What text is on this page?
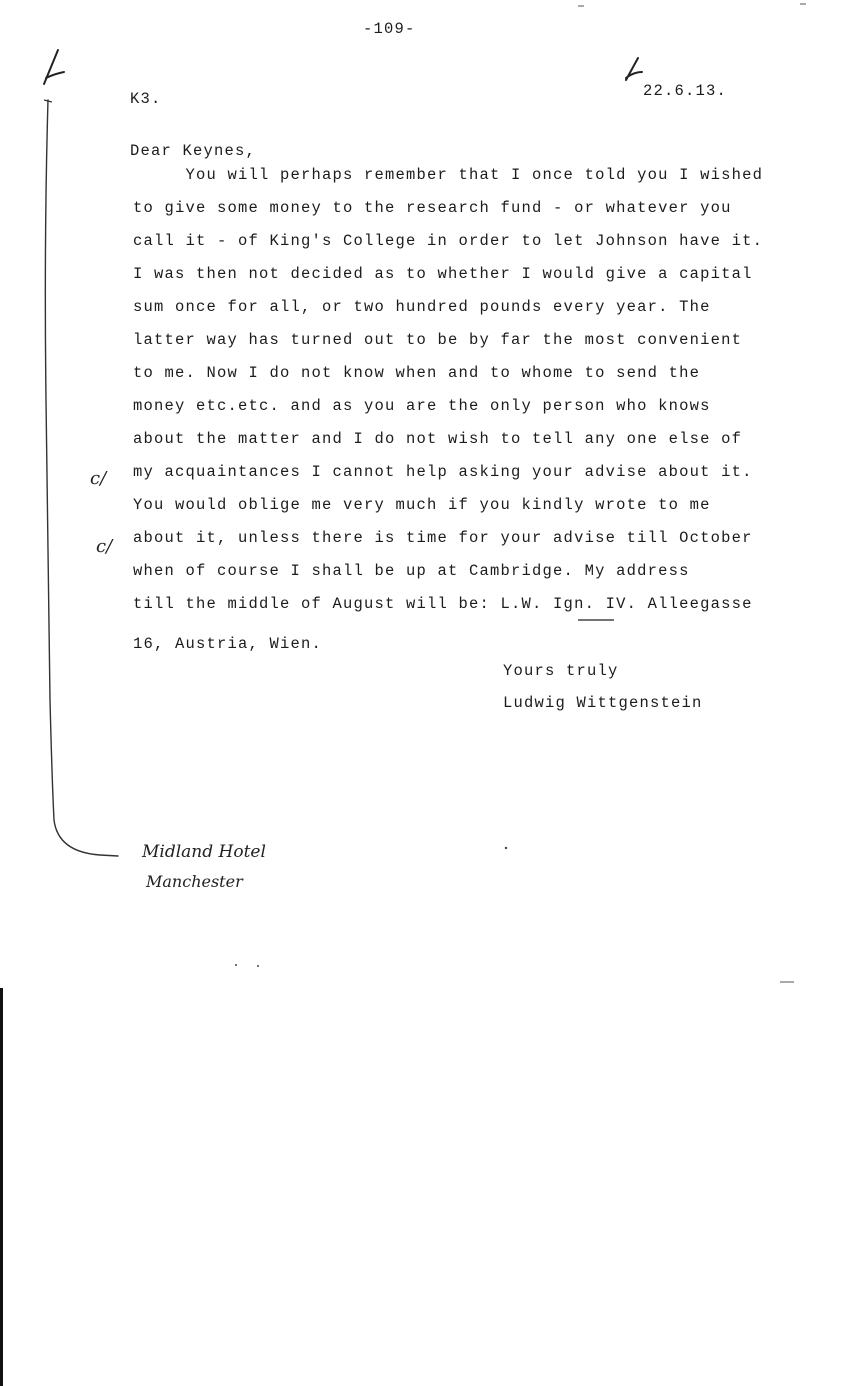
-109-
K3.	22.6.13.
Dear Keynes,
You will perhaps remember that I once told you I wished
to give some money to the research fund - or whatever you
call it - of King's College in order to let Johnson have it.
I was then not decided as to whether I would give a capital
sum once for all, or two hundred pounds every year. The
latter way has turned out to be by far the most convenient
to me. Now I do not know when and to whome to send the
money etc.etc. and as you are the only person who knows
about the matter and I do not wish to tell any one else of
my acquaintances I cannot help asking your advise about it.
You would oblige me very much if you kindly wrote to me
about it, unless there is time for your advise till October
when of course I shall be up at Cambridge. My address
till the middle of August will be: L.W. Ign. IV. Alleegasse
16, Austria, Wien.
Yours truly
Ludwig Wittgenstein
c/
c/
Midland Hotel
Manchester
